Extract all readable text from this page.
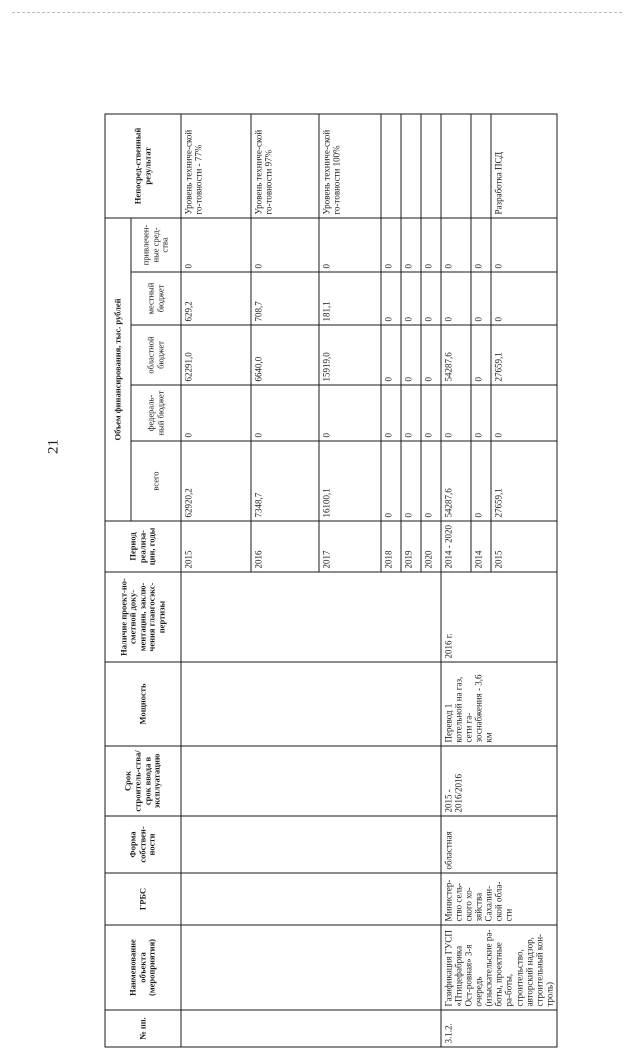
21
№ пп.	Наименование объекта (мероприятия)	ГРБС	Форма собствен-ности	Срок строитель-ства/срок ввода в эксплуатацию	Мощность	Наличие проект-но-сметной доку-ментации, заклю-чения главгосэкс-пертизы	Период реализа-ции, годы	Объем финансирования, тыс. рублей					Непосред-ственный результат
								всего	федераль-ный бюджет	областной бюджет	местный бюджет	привлечен-ные сред-ства	
							2015	62920,2	0	62291,0	629,2	0	Уровень техниче-ской го-товности - 77%
							2016	7348,7	0	6640,0	708,7	0	Уровень техниче-ской го-товности 97%
							2017	16100,1	0	15919,0	181,1	0	Уровень техниче-ской го-товности 100%
							2018	0	0	0	0	0	
							2019	0	0	0	0	0	
							2020	0	0	0	0	0	
3.1.2.	Газификация ГУСП «Птицефабрика Ост-ровная» 3-я очередь (изыскательские ра-боты, проектные ра-боты, строительство, авторский надзор, строительный кон-троль)	Министер-ство сель-ского хо-зяйства Сахалин-ской обла-сти	областная	2015 - 2016/2016	Перевод 1 котельной на газ, сети га-зоснабжения - 3,6 км	2016 г.	2014 - 2020	54287,6	0	54287,6	0	0	
							2014	0	0	0	0	0	
							2015	27659,1	0	27659,1	0	0	Разработка ПСД
